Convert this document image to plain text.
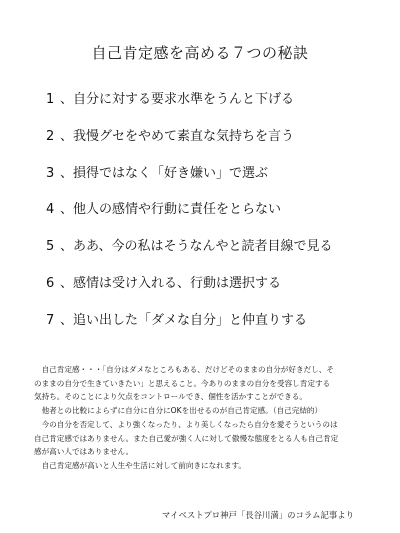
自己肯定感を高める７つの秘訣
1 、自分に対する要求水準をうんと下げる
2 、我慢グセをやめて素直な気持ちを言う
3 、損得ではなく「好き嫌い」で選ぶ
4 、他人の感情や行動に責任をとらない
5 、ああ、今の私はそうなんやと読者目線で見る
6 、感情は受け入れる、行動は選択する
7 、追い出した「ダメな自分」と仲直りする

　自己肯定感・・・「自分はダメなところもある、だけどそのままの自分が好きだし、そ

のままの自分で生きていきたい」と思えること。今ありのままの自分を受容し肯定する

気持ち。そのことにより欠点をコントロールでき、個性を活かすことができる。

　他者との比較によらずに自分に自分にOKを出せるのが自己肯定感。（自己完結的）

　今の自分を否定して、より強くなったり、より美しくなったら自分を愛そうというのは

自己肯定感ではありません。また自己愛が強く人に対して傲慢な態度をとる人も自己肯定

感が高い人ではありません。

　自己肯定感が高いと人生や生活に対して前向きになれます。

マイベストプロ神戸「長谷川満」のコラム記事より
